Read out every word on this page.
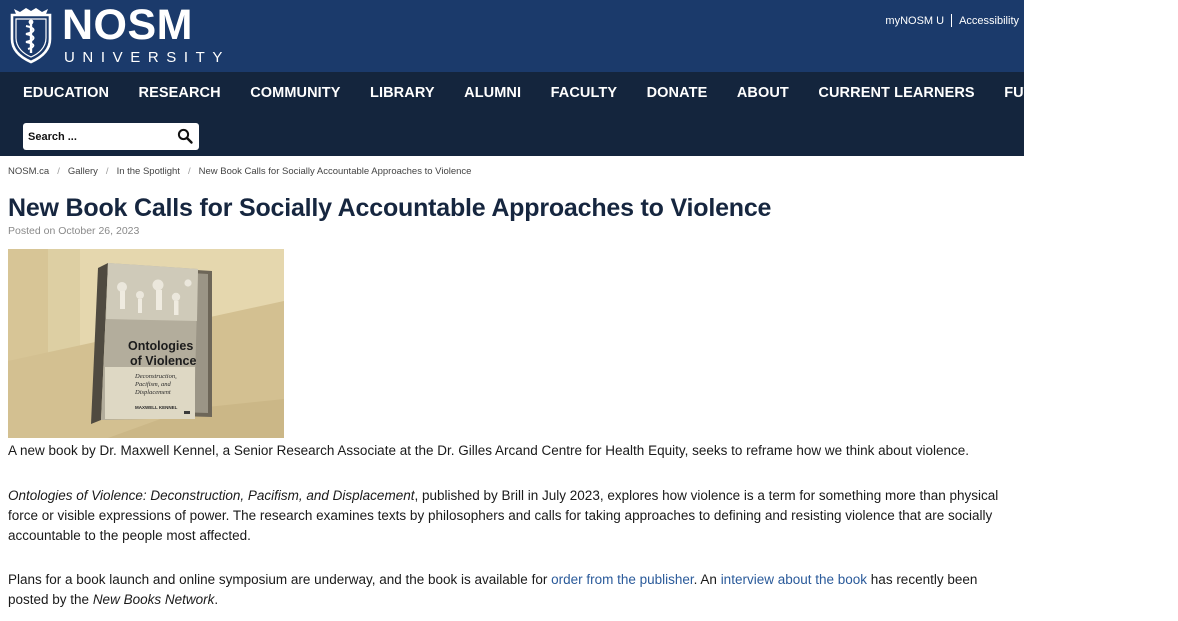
NOSM
UNIVERSITY
myNOSM U Accessibility
EDUCATION RESEARCH COMMUNITY LIBRARY ALUMNI FACULTY DONATE ABOUT CURRENT LEARNERS FUTURE LEARNERS
Search ...
NOSM.ca / Gallery / In the Spotlight / New Book Calls for Socially Accountable Approaches to Violence
New Book Calls for Socially Accountable Approaches to Violence
Posted on October 26, 2023
Ontologies
of Violence
Deconstruction,
Pacifism, and
Displacement
MAXWELL KENNEL

A new book by Dr. Maxwell Kennel, a Senior Research Associate at the Dr. Gilles Arcand Centre for Health Equity, seeks to reframe how we think about violence.

Ontologies of Violence: Deconstruction, Pacifism, and Displacement, published by Brill in July 2023, explores how violence is a term for something more than physical force or visible expressions of power. The research examines texts by philosophers and calls for taking approaches to defining and resisting violence that are socially accountable to the people most affected.

Plans for a book launch and online symposium are underway, and the book is available for order from the publisher. An interview about the book has recently been posted by the New Books Network.
